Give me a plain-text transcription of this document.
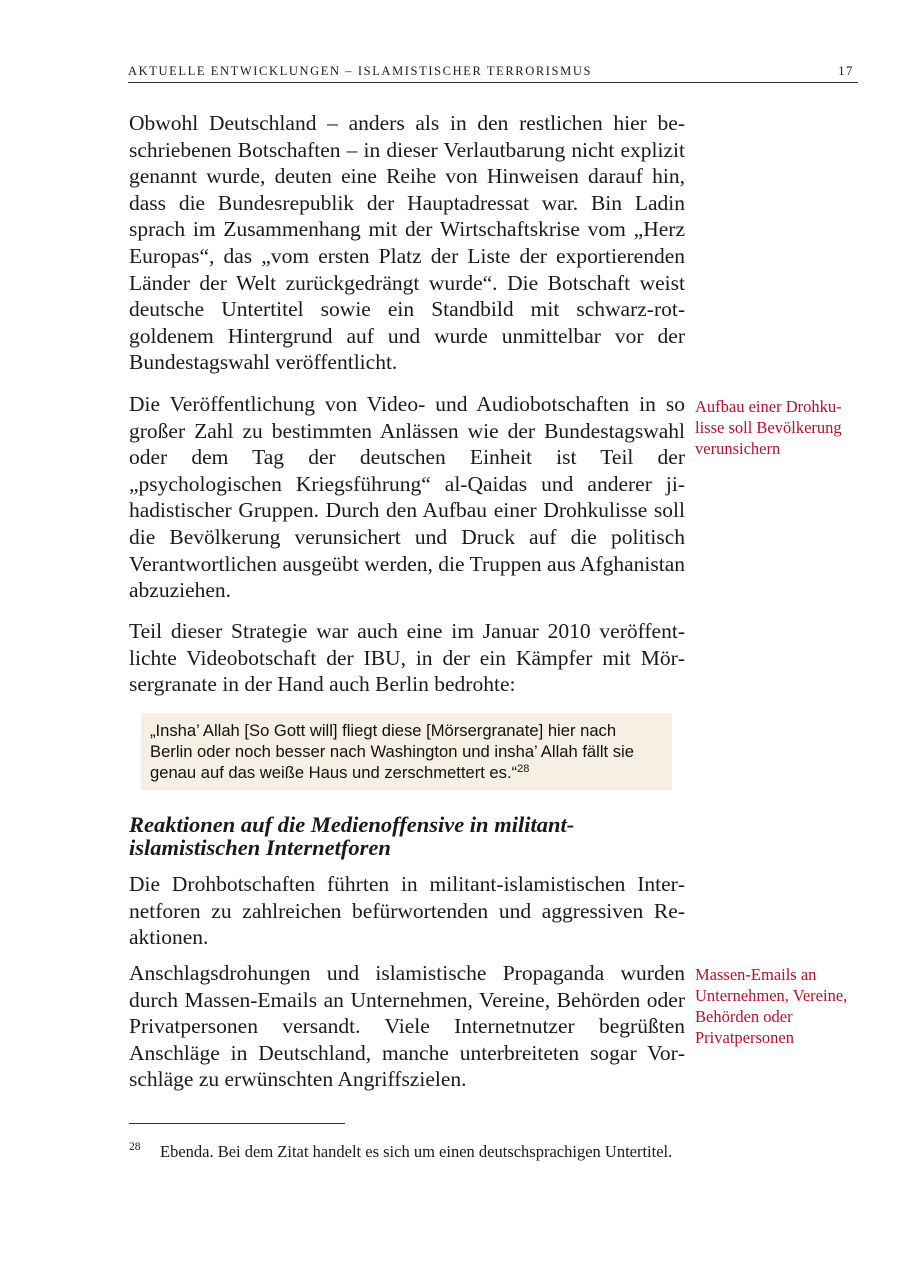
AKTUELLE ENTWICKLUNGEN – ISLAMISTISCHER TERRORISMUS	17

Obwohl Deutschland – anders als in den restlichen hier beschriebenen Botschaften – in dieser Verlautbarung nicht explizit genannt wurde, deuten eine Reihe von Hinweisen darauf hin, dass die Bundesrepublik der Hauptadressat war. Bin Ladin sprach im Zusammenhang mit der Wirtschaftskrise vom „Herz Europas“, das „vom ersten Platz der Liste der exportierenden Länder der Welt zurückgedrängt wurde“. Die Botschaft weist deutsche Untertitel sowie ein Standbild mit schwarz-rot-goldenem Hintergrund auf und wurde unmittelbar vor der Bundestagswahl veröffentlicht.

Die Veröffentlichung von Video- und Audiobotschaften in so großer Zahl zu bestimmten Anlässen wie der Bundestagswahl oder dem Tag der deutschen Einheit ist Teil der „psychologischen Kriegsführung“ al-Qaidas und anderer jihadistischer Gruppen. Durch den Aufbau einer Drohkulisse soll die Bevölkerung verunsichert und Druck auf die politisch Verantwortlichen ausgeübt werden, die Truppen aus Afghanistan abzuziehen.

Aufbau einer Drohkulisse soll Bevölkerung verunsichern

Teil dieser Strategie war auch eine im Januar 2010 veröffentlichte Videobotschaft der IBU, in der ein Kämpfer mit Mörsergranate in der Hand auch Berlin bedrohte:

„Insha’ Allah [So Gott will] fliegt diese [Mörsergranate] hier nach Berlin oder noch besser nach Washington und insha’ Allah fällt sie genau auf das weiße Haus und zerschmettert es.“$^{28}$
Reaktionen auf die Medienoffensive in militant-islamistischen Internetforen

Die Drohbotschaften führten in militant-islamistischen Internetforen zu zahlreichen befürwortenden und aggressiven Reaktionen.

Anschlagsdrohungen und islamistische Propaganda wurden durch Massen-Emails an Unternehmen, Vereine, Behörden oder Privatpersonen versandt. Viele Internetnutzer begrüßten Anschläge in Deutschland, manche unterbreiteten sogar Vorschläge zu erwünschten Angriffszielen.

Massen-Emails an Unternehmen, Vereine, Behörden oder Privatpersonen
28 Ebenda. Bei dem Zitat handelt es sich um einen deutschsprachigen Untertitel.
